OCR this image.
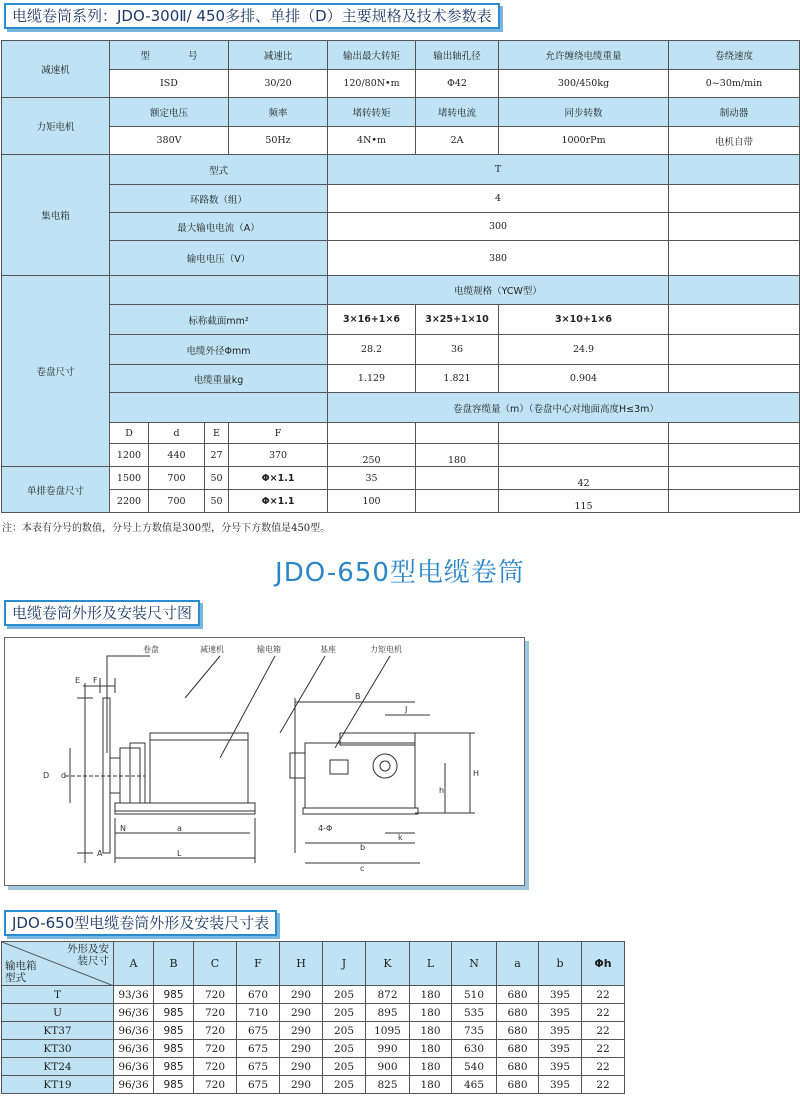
电缆卷筒系列：JDO-300Ⅱ/ 450多排、单排（D）主要规格及技术参数表
减速机	型　　　　号			减速比	输出最大转矩	输出轴孔径	允许缠绕电缆重量	卷绕速度
	ISD			30/20	120/80N•m	Φ42	300/450kg	0~30m/min
力矩电机	额定电压			频率	堵转转矩	堵转电流	同步转数	制动器
	380V			50Hz	4N•m	2A	1000rPm	电机自带
集电箱	型式				T			
	环路数（组）				4			
	最大输电电流（A）				300			
	输电电压（V）				380			
卷盘尺寸					电缆规格（YCW型）			
	标称截面mm²				3×16+1×6	3×25+1×10	3×10+1×6	
	电缆外径Φmm				28.2	36	24.9	
	电缆重量kg				1.129	1.821	0.904	
					卷盘容缆量（m）（卷盘中心对地面高度H≤3m）			
	D	d	E	F				
	1200	440	27	370	250	180		
单排卷盘尺寸	1500	700	50	Φ×1.1	35		42	
	2200	700	50	Φ×1.1	100		115	
注：本表有分号的数值，分号上方数值是300型，分号下方数值是450型。
JDO-650型电缆卷筒
电缆卷筒外形及安装尺寸图
卷盘	减速机	输电箱	基座	力矩电机
E F
D d
N	a
L
A
B
J
H
h
4-Φ
k
b
c
JDO-650型电缆卷筒外形及安装尺寸表
外形及安
装尺寸
输电箱
型式	A	B	C	F	H	J	K	L	N	a	b	Φh
T	93/36	985	720	670	290	205	872	180	510	680	395	22
U	96/36	985	720	710	290	205	895	180	535	680	395	22
KT37	96/36	985	720	675	290	205	1095	180	735	680	395	22
KT30	96/36	985	720	675	290	205	990	180	630	680	395	22
KT24	96/36	985	720	675	290	205	900	180	540	680	395	22
KT19	96/36	985	720	675	290	205	825	180	465	680	395	22
